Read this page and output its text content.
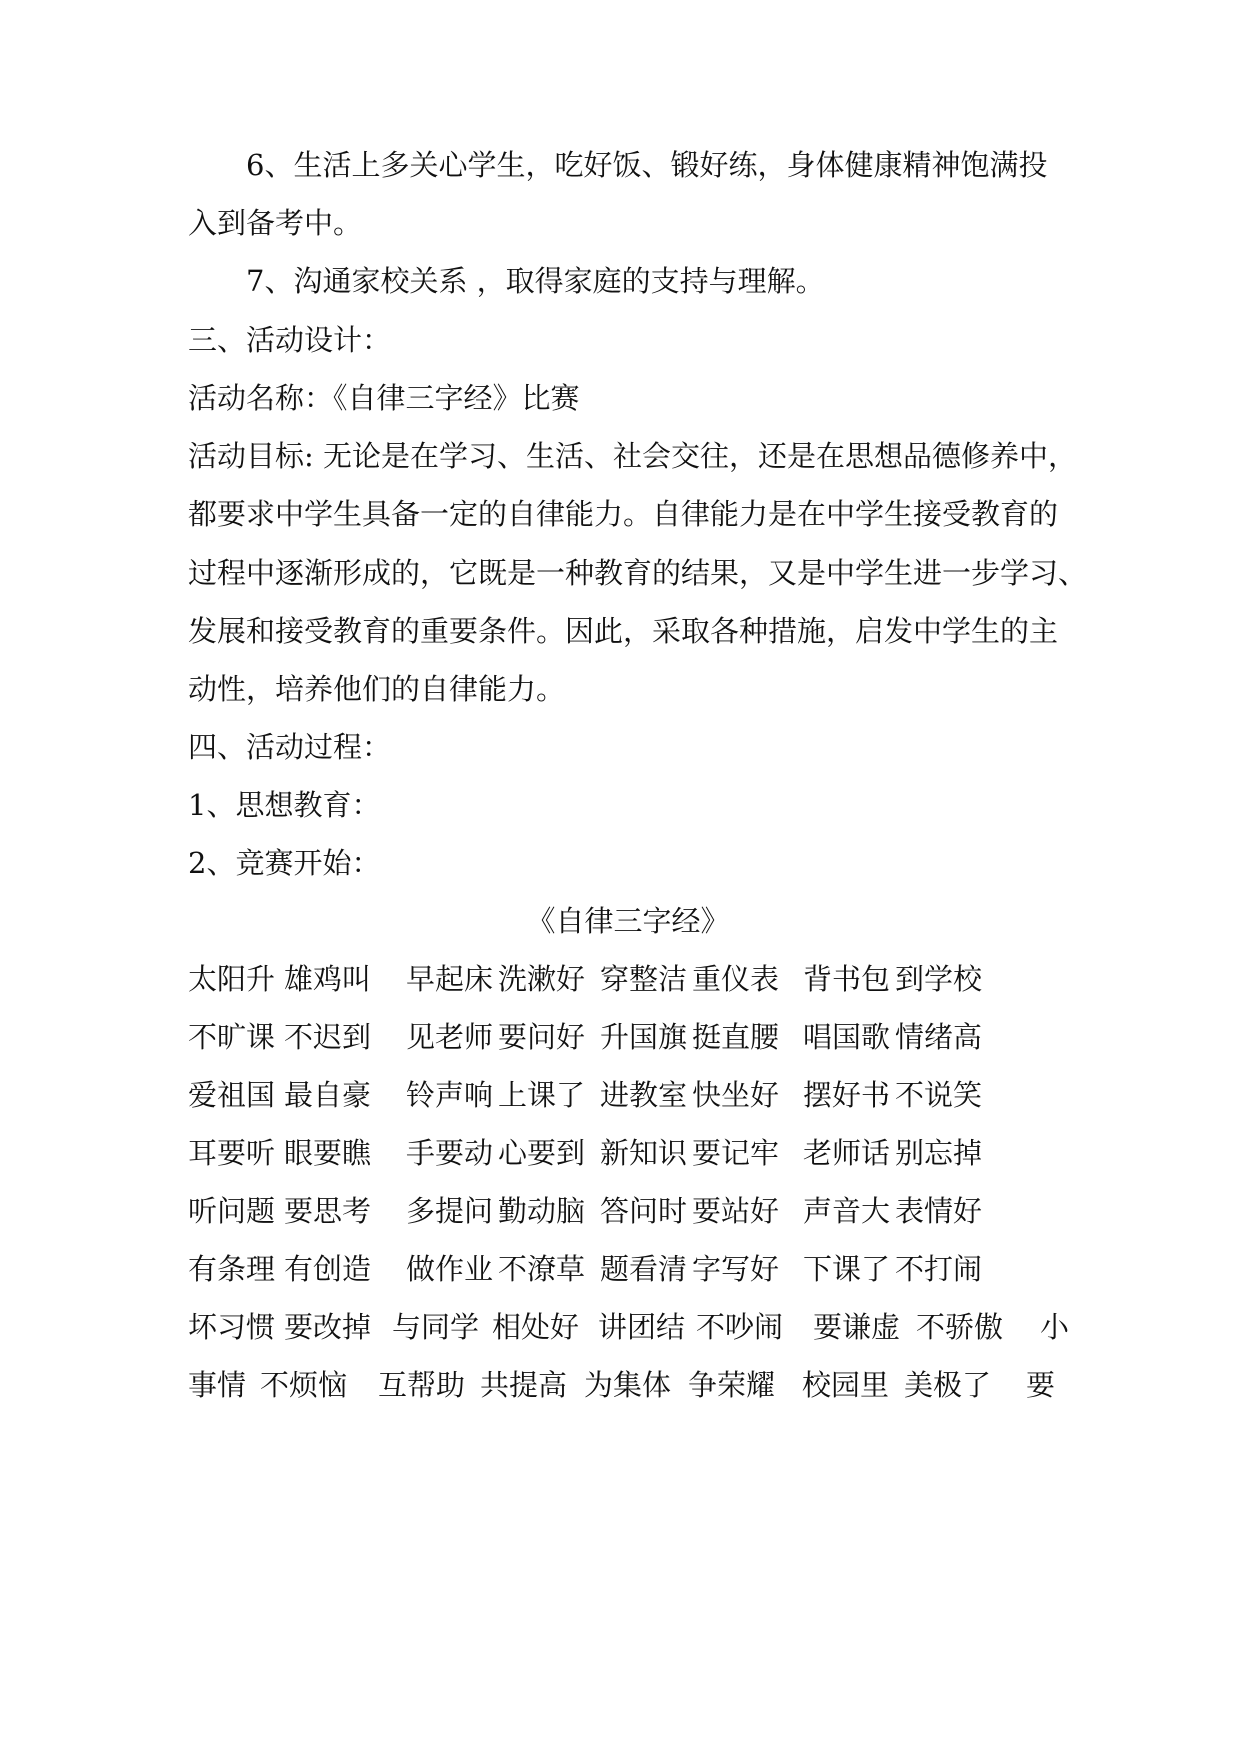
6、生活上多关心学生，吃好饭、锻好练，身体健康精神饱满投
入到备考中。
7、沟通家校关系 ，取得家庭的支持与理解。
三、活动设计：
活动名称：《自律三字经》比赛
活动目标: 无论是在学习、生活、社会交往，还是在思想品德修养中，
都要求中学生具备一定的自律能力。自律能力是在中学生接受教育的
过程中逐渐形成的，它既是一种教育的结果，又是中学生进一步学习、
发展和接受教育的重要条件。因此，采取各种措施，启发中学生的主
动性，培养他们的自律能力。
四、活动过程：
1、思想教育：
2、竞赛开始：
《自律三字经》
太阳升 雄鸡叫 早起床 洗漱好 穿整洁 重仪表 背书包 到学校
不旷课 不迟到 见老师 要问好 升国旗 挺直腰 唱国歌 情绪高
爱祖国 最自豪 铃声响 上课了 进教室 快坐好 摆好书 不说笑
耳要听 眼要瞧 手要动 心要到 新知识 要记牢 老师话 别忘掉
听问题 要思考 多提问 勤动脑 答问时 要站好 声音大 表情好
有条理 有创造 做作业 不潦草 题看清 字写好 下课了 不打闹
坏习惯 要改掉 与同学 相处好 讲团结 不吵闹 要谦虚 不骄傲 小
事情 不烦恼 互帮助 共提高 为集体 争荣耀 校园里 美极了 要
